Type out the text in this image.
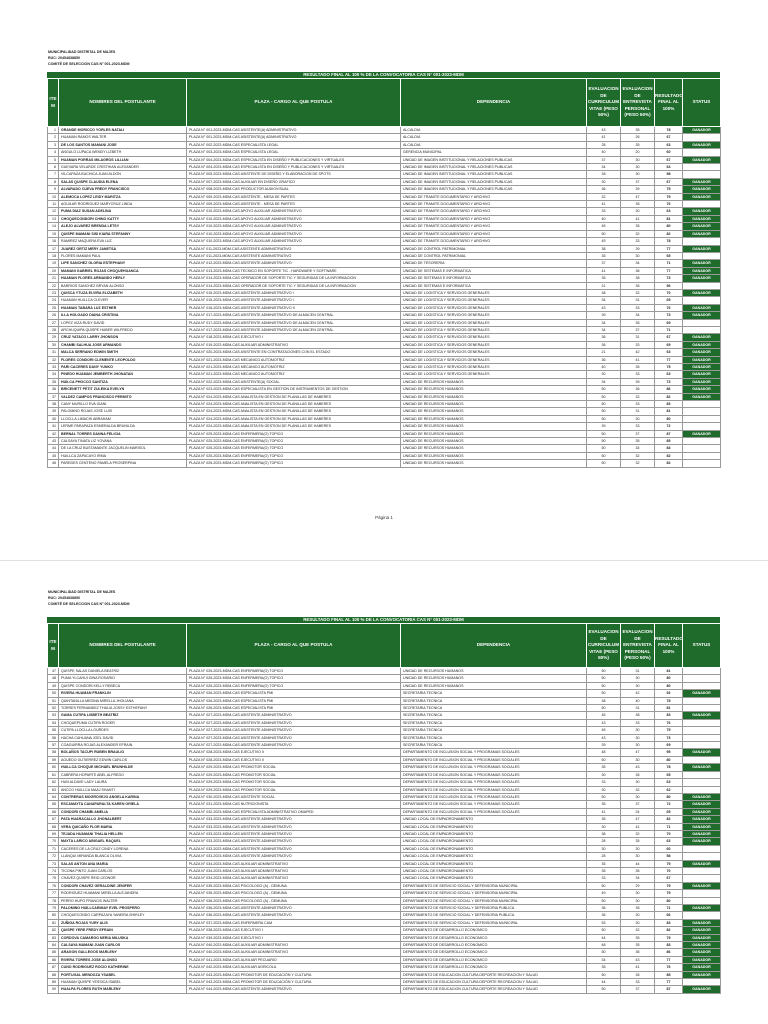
MUNICIPALIDAD DISTRITAL DE MAJES
RUC: 20454838850
COMITÉ DE SELECCION CAS N° 001-2023-MDM
RESULTADO FINAL AL 100 % DE LA CONVOCATORIA CAS N° 001-2023-MDM
ITE M	NOMBRES DEL POSTULANTE	PLAZA - CARGO AL QUE POSTULA	DEPENDENCIA	EVALUACION DE CURRICULUM VITAE (PESO 50%)	EVALUACION DE ENTREVISTA PERSONAL (PESO 50%)	RESULTADO FINAL AL 100%	STATUS
1	GRANDE MORICCO YORLES NATALI	PLAZA N° 001-2023-MDM-CAS ASISTENTE(A) ADMINISTRATIVO	ALCALDIA	43	35	78	GANADOR

2	HUAMAN RAMOS WALTER	PLAZA N° 001-2023-MDM-CAS ASISTENTE(A) ADMINISTRATIVO	ALCALDIA	41	26	67	
3	DE LOS SANTOS MAMANI JOSE	PLAZA N° 002-2023-MDM-CAS ESPECIALISTA LEGAL	ALCALDIA	28	35	63	GANADOR

4	ANGULO LUPACA WENDY LIZBETH	PLAZA N° 003-2023-MDM-CAS ESPECIALISTA LEGAL	GERENCIA MUNICIPAL	40	20	60	
5	HUAMAN PORRAS MILAGROS LILLIAN	PLAZA N° 004-2023-MDM-CAS ESPECIALISTA EN DISEÑO Y PUBLICACIONES Y VIRTUALES	UNIDAD DE IMAGEN INSTITUCIONAL Y RELACIONES PUBLICAS	37	30	67	GANADOR

6	GUEVARA VELARDE CRISTHIAN ALEXANDER	PLAZA N° 004-2023-MDM-CAS ESPECIALISTA EN DISEÑO Y PUBLICACIONES Y VIRTUALES	UNIDAD DE IMAGEN INSTITUCIONAL Y RELACIONES PUBLICAS	34	30	64	
7	VILCAPAZA BUCHICA JUAN ALDON	PLAZA N° 005-2023-MDM-CAS ASISTENTE DE DISEÑO Y ELABORACION DE SPOTS	UNIDAD DE IMAGEN INSTITUCIONAL Y RELACIONES PUBLICAS	28	30	58	
8	SALAS QUISPE CLAUDIA ELENA	PLAZA N° 007-2023-MDM-CAS AUXILIAR EN DISEÑO GRAFICO	UNIDAD DE IMAGEN INSTITUCIONAL Y RELACIONES PUBLICAS	30	37	67	GANADOR

9	ALVARADO CUEVA FREDY FRANCISCO	PLAZA N° 008-2023-MDM-CAS PRODUCTOR AUDIOVISUAL	UNIDAD DE IMAGEN INSTITUCIONAL Y RELACIONES PUBLICAS	36	39	75	GANADOR

10	ALEMOCA LOPEZ LEIDY MARITZA	PLAZA N° 009-2023-MDM-CAS ASISTENTE - MESA DE PARTES	UNIDAD DE TRAMITE DOCUMENTARIO Y ARCHIVO	32	47	79	GANADOR

11	AGUILAR RODRIGUEZ MARYCRUZ LINDA	PLAZA N° 009-2023-MDM-CAS ASISTENTE - MESA DE PARTES	UNIDAD DE TRAMITE DOCUMENTARIO Y ARCHIVO	41	35	76	
12	PUMA DIAZ SUSAN ADELINA	PLAZA N° 010-2023-MDM-CAS APOYO AUXILIAR ADMINISTRATIVO	UNIDAD DE TRAMITE DOCUMENTARIO Y ARCHIVO	33	30	63	GANADOR

13	CHOQUECONDORI CHINO KATTY	PLAZA N° 010-2023-MDM-CAS APOYO AUXILIAR ADMINISTRATIVO	UNIDAD DE TRAMITE DOCUMENTARIO Y ARCHIVO	40	41	81	GANADOR

14	ALEJO ALVAREZ BRENDA LETSY	PLAZA N° 010-2023-MDM-CAS APOYO AUXILIAR ADMINISTRATIVO	UNIDAD DE TRAMITE DOCUMENTARIO Y ARCHIVO	45	35	80	GANADOR

15	QUISPE MAMANI SISI KIARA STEFANNY	PLAZA N° 010-2023-MDM-CAS APOYO AUXILIAR ADMINISTRATIVO	UNIDAD DE TRAMITE DOCUMENTARIO Y ARCHIVO	50	32	82	GANADOR

16	RAMIREZ MAQUERA EVA LUZ	PLAZA N° 010-2023-MDM-CAS APOYO AUXILIAR ADMINISTRATIVO	UNIDAD DE TRAMITE DOCUMENTARIO Y ARCHIVO	45	33	78	
17	JUAREZ ORTIZ MERY JANETSA	PLAZA N° 011-2023-MDM-CAS ASISTENTE ADMINISTRATIVO	UNIDAD DE CONTROL PATRIMONIAL	38	39	77	GANADOR

18	FLORES MAMANI PAUL	PLAZA N° 011-2023-MDM-CAS ASISTENTE ADMINISTRATIVO	UNIDAD DE CONTROL PATRIMONIAL	35	30	65	
19	LIPE SANCHEZ GLORIA ESTEPHANY	PLAZA N° 012-2023-MDM-CAS ASISTENTE ADMINISTRATIVO	UNIDAD DE TESORERIA	37	34	71	GANADOR

20	MAMANI GABRIEL ROJAS CHOQUEHUANCA	PLAZA N° 013-2023-MDM-CAS TECNICO EN SOPORTE TIC - HARDWARE Y SOFTWARE	UNIDAD DE SISTEMAS E INFORMATICA	41	36	77	GANADOR

21	HUAMAN FLORES ARMANDO HERLY	PLAZA N° 014-2023-MDM-CAS OPERADOR DE SOPORTE TIC Y SEGURIDAD DE LA INFORMACION	UNIDAD DE SISTEMAS E INFORMATICA	35	38	73	GANADOR

22	BARRIOS SANCHEZ BRYAN ALONSO	PLAZA N° 014-2023-MDM-CAS OPERADOR DE SOPORTE TIC Y SEGURIDAD DE LA INFORMACION	UNIDAD DE SISTEMAS E INFORMATICA	21	35	56	
23	QUISCA YTUZA ELVIRA ELIZABETH	PLAZA N° 015-2023-MDM-CAS ASISTENTE ADMINISTRATIVO I	UNIDAD DE LOGISTICA Y SERVICIOS GENERALES	38	32	70	GANADOR

24	HUAMAN HUILLCA CLEVER	PLAZA N° 015-2023-MDM-CAS ASISTENTE ADMINISTRATIVO I	UNIDAD DE LOGISTICA Y SERVICIOS GENERALES	34	31	65	
25	HUAMAN TABARA LUZ ESTHER	PLAZA N° 016-2023-MDM-CAS ASISTENTE ADMINISTRATIVO II	UNIDAD DE LOGISTICA Y SERVICIOS GENERALES	43	33	76	GANADOR

26	ILLA HOLGADO DIANA CRISTINA	PLAZA N° 017-2023-MDM-CAS ASISTENTE ADMINISTRATIVO DE ALMACEN CENTRAL	UNIDAD DE LOGISTICA Y SERVICIOS GENERALES	39	34	73	GANADOR

27	LOPEZ VIZA RUDY DAVID	PLAZA N° 017-2023-MDM-CAS ASISTENTE ADMINISTRATIVO DE ALMACEN CENTRAL	UNIDAD DE LOGISTICA Y SERVICIOS GENERALES	34	35	69	
28	ARCHUQUIPA QUISPE HUBER WILFREDO	PLAZA N° 017-2023-MDM-CAS ASISTENTE ADMINISTRATIVO DE ALMACEN CENTRAL	UNIDAD DE LOGISTICA Y SERVICIOS GENERALES	34	37	71	
29	CRUZ YATACO LARRY JHONSON	PLAZA N° 018-2023-MDM-CAS EJECUTIVO I	UNIDAD DE LOGISTICA Y SERVICIOS GENERALES	36	31	67	GANADOR

30	CHAMBI SALHUA JOSE ARMANDO	PLAZA N° 019-2023-MDM-CAS AUXILIAR ADMINISTRATIVO	UNIDAD DE LOGISTICA Y SERVICIOS GENERALES	36	33	69	GANADOR

31	MALCA SERRANO EDWIN SMITH	PLAZA N° 020-2023-MDM-CAS ASISTENTE EN CONTRATACIONES CON EL ESTADO	UNIDAD DE LOGISTICA Y SERVICIOS GENERALES	21	42	63	GANADOR

32	FLORES CONDORI CLEMENTE LEOPOLDO	PLAZA N° 021-2023-MDM-CAS MECANICO AUTOMOTRIZ	UNIDAD DE LOGISTICA Y SERVICIOS GENERALES	36	41	77	GANADOR

33	PARI CACERES DANY YUNKO	PLAZA N° 021-2023-MDM-CAS MECANICO AUTOMOTRIZ	UNIDAD DE LOGISTICA Y SERVICIOS GENERALES	40	35	75	GANADOR

34	PINEDO HUAMAN JEMBERTH JHONATAN	PLAZA N° 021-2023-MDM-CAS MECANICO AUTOMOTRIZ	UNIDAD DE LOGISTICA Y SERVICIOS GENERALES	30	33	63	GANADOR

35	HUILCA PHOCCO SANTIZA	PLAZA N° 022-2023-MDM-CAS ASISTENTE(A) SOCIAL	UNIDAD DE RECURSOS HUMANOS	34	39	73	GANADOR

36	BRICENETT PETIT ZULEIKA EVELYN	PLAZA N° 023-2023-MDM-CAS ESPECIALISTA EN GESTION DE INSTRUMENTOS DE GESTION	UNIDAD DE RECURSOS HUMANOS	50	36	86	GANADOR

37	VALDEZ CAMPOS FRANCISCO PERMITO	PLAZA N° 024-2023-MDM-CAS ANALISTA EN GESTION DE PLANILLAS DE HABERES	UNIDAD DE RECURSOS HUMANOS	50	32	82	GANADOR

38	CANY MURILLO EVA GIANI	PLAZA N° 024-2023-MDM-CAS ANALISTA EN GESTION DE PLANILLAS DE HABERES	UNIDAD DE RECURSOS HUMANOS	50	33	83	
39	PALOMINO ROJAS JOSE LUIS	PLAZA N° 024-2023-MDM-CAS ANALISTA EN GESTION DE PLANILLAS DE HABERES	UNIDAD DE RECURSOS HUMANOS	50	31	81	
40	LLOCLLA LIMACHI ABRAHAM	PLAZA N° 024-2023-MDM-CAS ANALISTA EN GESTION DE PLANILLAS DE HABERES	UNIDAD DE RECURSOS HUMANOS	50	30	80	
41	LERME PARAPAZA ESMERALDA BRUNILDA	PLAZA N° 024-2023-MDM-CAS ANALISTA EN GESTION DE PLANILLAS DE HABERES	UNIDAD DE RECURSOS HUMANOS	39	33	72	
42	BERNAL TORRES DANNA FELICIA	PLAZA N° 025-2023-MDM-CAS ENFERMERA(O) TOPICO	UNIDAD DE RECURSOS HUMANOS	50	37	87	GANADOR

43	CALSAYA TINATA LIZ YOVANA	PLAZA N° 025-2023-MDM-CAS ENFERMERA(O) TOPICO	UNIDAD DE RECURSOS HUMANOS	50	35	85	
44	DE LA CRUZ BUSTAMANTE JACQUELIN MARISOL	PLAZA N° 025-2023-MDM-CAS ENFERMERA(O) TOPICO	UNIDAD DE RECURSOS HUMANOS	50	34	84	
45	HUILLCA ZAPACAYO IRMA	PLAZA N° 025-2023-MDM-CAS ENFERMERA(O) TOPICO	UNIDAD DE RECURSOS HUMANOS	50	32	82	
46	PAREDES CENTENO PAMELA PROSERPINA	PLAZA N° 025-2023-MDM-CAS ENFERMERA(O) TOPICO	UNIDAD DE RECURSOS HUMANOS	50	32	82	
Página 1
MUNICIPALIDAD DISTRITAL DE MAJES
RUC: 20454838850
COMITÉ DE SELECCION CAS N° 001-2023-MDM
RESULTADO FINAL AL 100 % DE LA CONVOCATORIA CAS N° 001-2023-MDM
ITE M	NOMBRES DEL POSTULANTE	PLAZA - CARGO AL QUE POSTULA	DEPENDENCIA	EVALUACION DE CURRICULUM VITAE (PESO 50%)	EVALUACION DE ENTREVISTA PERSONAL (PESO 50%)	RESULTADO FINAL AL 100%	STATUS
47	QUISPE SALAS DANIELA BEATRIZ	PLAZA N° 025-2023-MDM-CAS ENFERMERA(O) TOPICO	UNIDAD DE RECURSOS HUMANOS	50	31	81	
48	PUMA YLCAHUI GINA ROSARIO	PLAZA N° 025-2023-MDM-CAS ENFERMERA(O) TOPICO	UNIDAD DE RECURSOS HUMANOS	50	30	80	
49	QUISPE CONDORI KELLY REBECA	PLAZA N° 025-2023-MDM-CAS ENFERMERA(O) TOPICO	UNIDAD DE RECURSOS HUMANOS	50	30	80	
50	RIVERA HUAMAN FRANKLIN	PLAZA N° 026-2023-MDM-CAS ESPECIALISTA PMI	SECRETARIA TECNICA	50	42	92	GANADOR

51	QUINTANILLA MEDINA MIRELLA JHOLIANA	PLAZA N° 026-2023-MDM-CAS ESPECIALISTA PMI	SECRETARIA TECNICA	38	40	78	
52	TORRES FERNANDEZ THALIA JOSSY ESTHEFANY	PLAZA N° 026-2023-MDM-CAS ESPECIALISTA PMI	SECRETARIA TECNICA	50	31	81	
53	GAMA CUTIPA LISBETH BEATRIZ	PLAZA N° 027-2023-MDM-CAS ASISTENTE ADMINISTRATIVO	SECRETARIA TECNICA	45	38	83	GANADOR

54	CHOQUEPUMA CUTIPA ROGER	PLAZA N° 027-2023-MDM-CAS ASISTENTE ADMINISTRATIVO	SECRETARIA TECNICA	43	33	76	
55	CUTIPA LLOCLLA LOURDES	PLAZA N° 027-2023-MDM-CAS ASISTENTE ADMINISTRATIVO	SECRETARIA TECNICA	45	30	75	
56	HACHA CAHUANA JOEL DAVID	PLAZA N° 027-2023-MDM-CAS ASISTENTE ADMINISTRATIVO	SECRETARIA TECNICA	43	30	73	
57	COAGUIRRA ROJAS ALEXANDER EFRAIN	PLAZA N° 027-2023-MDM-CAS ASISTENTE ADMINISTRATIVO	SECRETARIA TECNICA	39	30	69	
58	BOLAÑOS TACUPI RUBEN BRAULIO	PLAZA N° 028-2023-MDM-CAS EJECUTIVO II	DEPARTAMENTO DE INCLUSION SOCIAL Y PROGRAMAS SOCIALES	48	47	95	GANADOR

59	AGUEDO GUTIERREZ EDWIN CARLOS	PLAZA N° 028-2023-MDM-CAS EJECUTIVO II	DEPARTAMENTO DE INCLUSION SOCIAL Y PROGRAMAS SOCIALES	50	30	80	
60	HUILLCA CHOQUE MICHAEL BRUNHILDE	PLAZA N° 029-2023-MDM-CAS PROMOTOR SOCIAL	DEPARTAMENTO DE INCLUSION SOCIAL Y PROGRAMAS SOCIALES	35	43	78	GANADOR

61	CABRERA HOPARTE ABEL ALFREDO	PLAZA N° 029-2023-MDM-CAS PROMOTOR SOCIAL	DEPARTAMENTO DE INCLUSION SOCIAL Y PROGRAMAS SOCIALES	30	35	65	
62	HUN ALDAVE LADY LAURA	PLAZA N° 029-2023-MDM-CAS PROMOTOR SOCIAL	DEPARTAMENTO DE INCLUSION SOCIAL Y PROGRAMAS SOCIALES	33	30	63	
63	ANCCO HUILLCA MAAJ SHANTI	PLAZA N° 029-2023-MDM-CAS PROMOTOR SOCIAL	DEPARTAMENTO DE INCLUSION SOCIAL Y PROGRAMAS SOCIALES	30	32	62	
64	CONTRERAS MOGROVEJO ANGELA KARINA	PLAZA N° 030-2023-MDM-CAS ASISTENTE SOCIAL	DEPARTAMENTO DE INCLUSION SOCIAL Y PROGRAMAS SOCIALES	50	30	80	GANADOR

65	ESCAMAYTA CANAPARALTA KAREN ORIELA	PLAZA N° 031-2023-MDM-CAS NUTRICIONISTA	DEPARTAMENTO DE INCLUSION SOCIAL Y PROGRAMAS SOCIALES	35	37	72	GANADOR

66	CONDORI CHAMBI AMELIA	PLAZA N° 032-2023-MDM-CAS ESPECIALISTA ADMINISTRATIVO OMAPED	DEPARTAMENTO DE INCLUSION SOCIAL Y PROGRAMAS SOCIALES	41	24	65	GANADOR

67	PATA HUARACALLO JHONALBERT	PLAZA N° 033-2023-MDM-CAS ASISTENTE ADMINISTRATIVO	UNIDAD LOCAL DE EMPADRONAMIENTO	35	47	82	GANADOR

68	VERA QUICAÑO FLOR MARIA	PLAZA N° 033-2023-MDM-CAS ASISTENTE ADMINISTRATIVO	UNIDAD LOCAL DE EMPADRONAMIENTO	30	41	71	GANADOR

69	TEJADA HUAMANI THALIA HELLEN	PLAZA N° 033-2023-MDM-CAS ASISTENTE ADMINISTRATIVO	UNIDAD LOCAL DE EMPADRONAMIENTO	38	32	70	GANADOR

70	MAYTA LARICO ABIGAEL RAQUEL	PLAZA N° 033-2023-MDM-CAS ASISTENTE ADMINISTRATIVO	UNIDAD LOCAL DE EMPADRONAMIENTO	28	35	63	GANADOR

71	CACERES DE LA CRUZ CINDY LORENA	PLAZA N° 033-2023-MDM-CAS ASISTENTE ADMINISTRATIVO	UNIDAD LOCAL DE EMPADRONAMIENTO	30	30	60	
72	LLANQUI MIRANDA BLANCA OLIVIA	PLAZA N° 033-2023-MDM-CAS ASISTENTE ADMINISTRATIVO	UNIDAD LOCAL DE EMPADRONAMIENTO	28	30	58	
73	SALAS ANTON ANA MARIA	PLAZA N° 034-2023-MDM-CAS AUXILIAR ADMINISTRATIVO	UNIDAD LOCAL DE EMPADRONAMIENTO	35	44	79	GANADOR

74	TICONA PINTO JUAN CARLOS	PLAZA N° 034-2023-MDM-CAS AUXILIAR ADMINISTRATIVO	UNIDAD LOCAL DE EMPADRONAMIENTO	35	35	70	
75	CHAVEZ QUISPE REID LEONOR	PLAZA N° 034-2023-MDM-CAS AUXILIAR ADMINISTRATIVO	UNIDAD LOCAL DE EMPADRONAMIENTO	33	34	67	
76	CONDORI CHAVEZ GERALDINE JENIFER	PLAZA N° 035-2023-MDM-CAS PSICOLOGO (A) - DEMUNA	DEPARTAMENTO DE SERVICIO SOCIAL Y DEFENSORIA MUNICIPAL	50	29	79	GANADOR

77	RODRIGUEZ HUAMANI MIRELLA ALEJANDRA	PLAZA N° 035-2023-MDM-CAS PSICOLOGO (A) - DEMUNA	DEPARTAMENTO DE SERVICIO SOCIAL Y DEFENSORIA MUNICIPAL	49	30	79	
78	PERRO HUPO FRANCIS WALTER	PLAZA N° 036-2023-MDM-CAS PSICOLOGO (A) - DEMUNA	DEPARTAMENTO DE SERVICIO SOCIAL Y DEFENSORIA MUNICIPAL	50	30	80	
79	PALOMINO HUILLCARIMAY EVEL PROSPERO	PLAZA N° 036-2023-MDM-CAS ASISTENTE ADMINISTRATIVO	DEPARTAMENTO DE SERVICIO SOCIAL Y DEFENSORIA PUBLICA	36	35	71	GANADOR

80	CHOQUECONDO CARPAZAYA YANEIRA SHIRLEY	PLAZA N° 036-2023-MDM-CAS ASISTENTE ADMINISTRATIVO	DEPARTAMENTO DE SERVICIO SOCIAL Y DEFENSORIA PUBLICA	36	30	66	
81	ZUÑIGA ROJAS YURY ALIS	PLAZA N° 037-2023-MDM-CAS ENFERMERA CAM	DEPARTAMENTO DE SERVICIO SOCIAL Y DEFENSORIA MUNICIPAL	53	30	83	GANADOR

82	QUISPE YERE FREDY EFRAIN	PLAZA N° 038-2023-MDM-CAS EJECUTIVO I	DEPARTAMENTO DE DESARROLLO ECONOMICO	50	32	82	GANADOR

83	CORDOVA CAMARGO NERIA MILUSKA	PLAZA N° 039-2023-MDM-CAS EJECUTIVO I	DEPARTAMENTO DE DESARROLLO ECONOMICO	44	35	79	GANADOR

84	CALSAYA MAMANI JUAN CARLOS	PLAZA N° 040-2023-MDM-CAS AUXILIAR ADMINISTRATIVO	DEPARTAMENTO DE DESARROLLO ECONOMICO	48	35	83	GANADOR

85	ARAGON GALLEGOS MARLENY	PLAZA N° 040-2023-MDM-CAS AUXILIAR ADMINISTRATIVO	DEPARTAMENTO DE DESARROLLO ECONOMICO	50	36	86	GANADOR

86	RIVERA TORRES JOSE ALONSO	PLAZA N° 041-2023-MDM-CAS AUXILIAR PECUARIO	DEPARTAMENTO DE DESARROLLO ECONOMICO	34	43	77	GANADOR

87	CUNO RODRIGUEZ ROCIO KATHERINE	PLAZA N° 042-2023-MDM-CAS AUXILIAR AGRICOLA	DEPARTAMENTO DE DESARROLLO ECONOMICO	35	41	76	GANADOR

88	PORTUGAL MENDOZA YSABEL	PLAZA N° 043-2023-MDM-CAS PROMOTOR DE EDUCACIÓN Y CULTURA	DEPARTAMENTO DE EDUCACION CULTURA DEPORTE RECREACION Y SALUD	50	35	85	GANADOR

89	HUAMAN QUISPE YESSICA ISABEL	PLAZA N° 043-2023-MDM-CAS PROMOTOR DE EDUCACIÓN Y CULTURA	DEPARTAMENTO DE EDUCACION CULTURA DEPORTE RECREACION Y SALUD	44	33	77	
90	HUALPA FLORES RUTH MARLENY	PLAZA N° 044-2023-MDM-CAS ASISTENTE ADMINISTRATIVO	DEPARTAMENTO DE EDUCACION CULTURA DEPORTE RECREACION Y SALUD	50	37	87	GANADOR
